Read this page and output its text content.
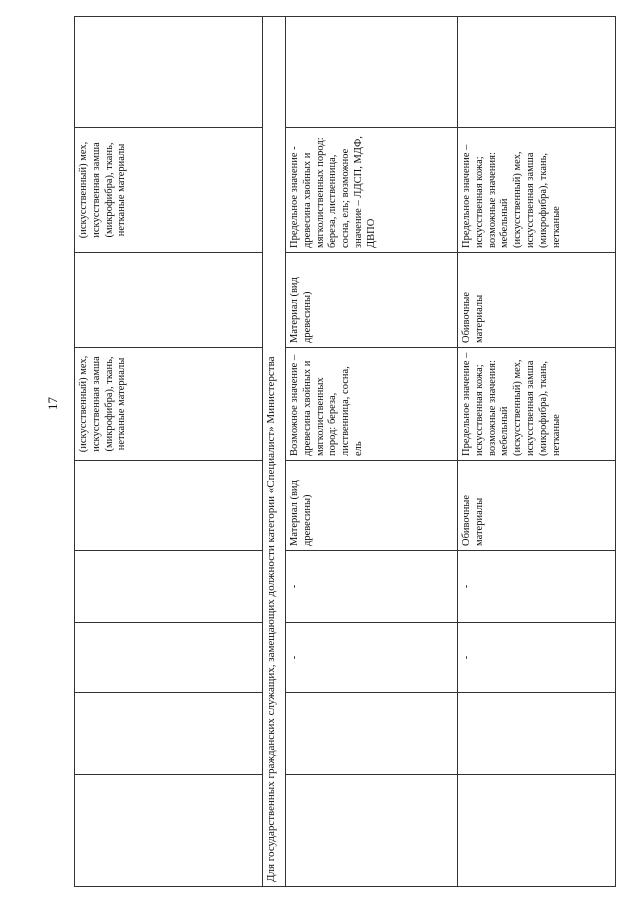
17
					(искусственный) мех, искусственная замша (микрофибра), ткань, нетканые материалы		(искусственный) мех, искусственная замша (микрофибра), ткань, нетканые материалы	
Для государственных гражданских служащих, замещающих должности категории «Специалист» Министерства								
		-	-	Материал (вид древесины)	Возможное значение – древесина хвойных и мягколиственных пород: береза, лиственница, сосна, ель	Материал (вид древесины)	Предельное значение - древесина хвойных и мягколиственных пород: береза, лиственница, сосна, ель; возможное значение – ЛДСП, МДФ, ДВПО	
		-	-	Обивочные материалы	Предельное значение – искусственная кожа; возможные значения: мебельный (искусственный) мех, искусственная замша (микрофибра), ткань, нетканые	Обивочные материалы	Предельное значение – искусственная кожа; возможные значения: мебельный (искусственный) мех, искусственная замша (микрофибра), ткань, нетканые	
